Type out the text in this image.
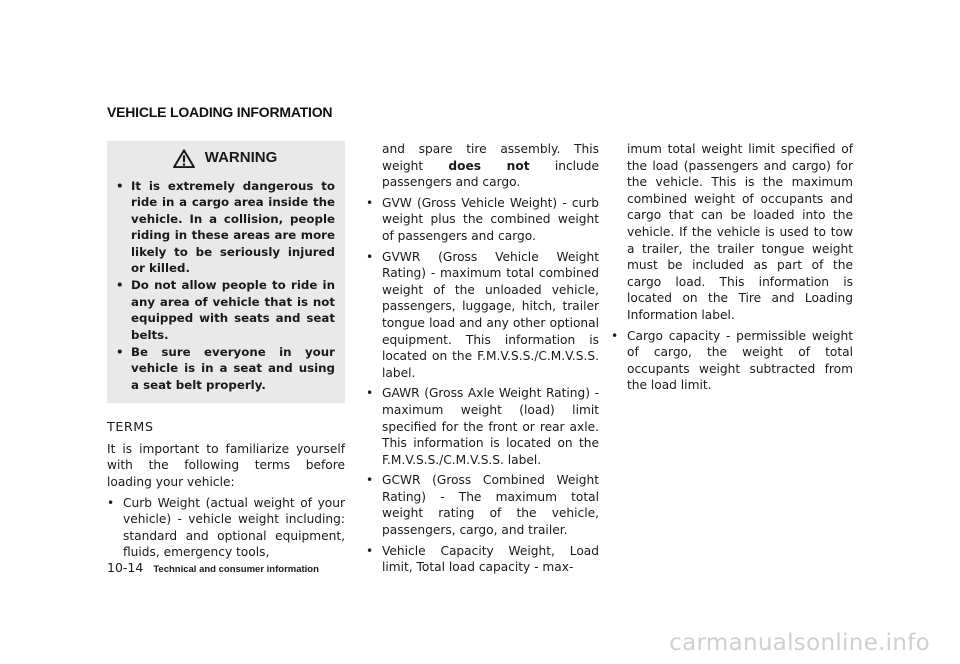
VEHICLE LOADING INFORMATION
WARNING
• It is extremely dangerous to ride in a cargo area inside the vehicle. In a collision, people riding in these areas are more likely to be seriously injured or killed.
• Do not allow people to ride in any area of vehicle that is not equipped with seats and seat belts.
• Be sure everyone in your vehicle is in a seat and using a seat belt properly.
TERMS
It is important to familiarize yourself with the following terms before loading your vehicle:
• Curb Weight (actual weight of your vehicle) - vehicle weight including: standard and optional equipment, fluids, emergency tools,
and spare tire assembly. This weight does not include passengers and cargo.
• GVW (Gross Vehicle Weight) - curb weight plus the combined weight of passengers and cargo.
• GVWR (Gross Vehicle Weight Rating) - maximum total combined weight of the unloaded vehicle, passengers, luggage, hitch, trailer tongue load and any other optional equipment. This information is located on the F.M.V.S.S./C.M.V.S.S. label.
• GAWR (Gross Axle Weight Rating) - maximum weight (load) limit specified for the front or rear axle. This information is located on the F.M.V.S.S./C.M.V.S.S. label.
• GCWR (Gross Combined Weight Rating) - The maximum total weight rating of the vehicle, passengers, cargo, and trailer.
• Vehicle Capacity Weight, Load limit, Total load capacity - max-
imum total weight limit specified of the load (passengers and cargo) for the vehicle. This is the maximum combined weight of occupants and cargo that can be loaded into the vehicle. If the vehicle is used to tow a trailer, the trailer tongue weight must be included as part of the cargo load. This information is located on the Tire and Loading Information label.
• Cargo capacity - permissible weight of cargo, the weight of total occupants weight subtracted from the load limit.
10-14 Technical and consumer information
carmanualsonline.info
